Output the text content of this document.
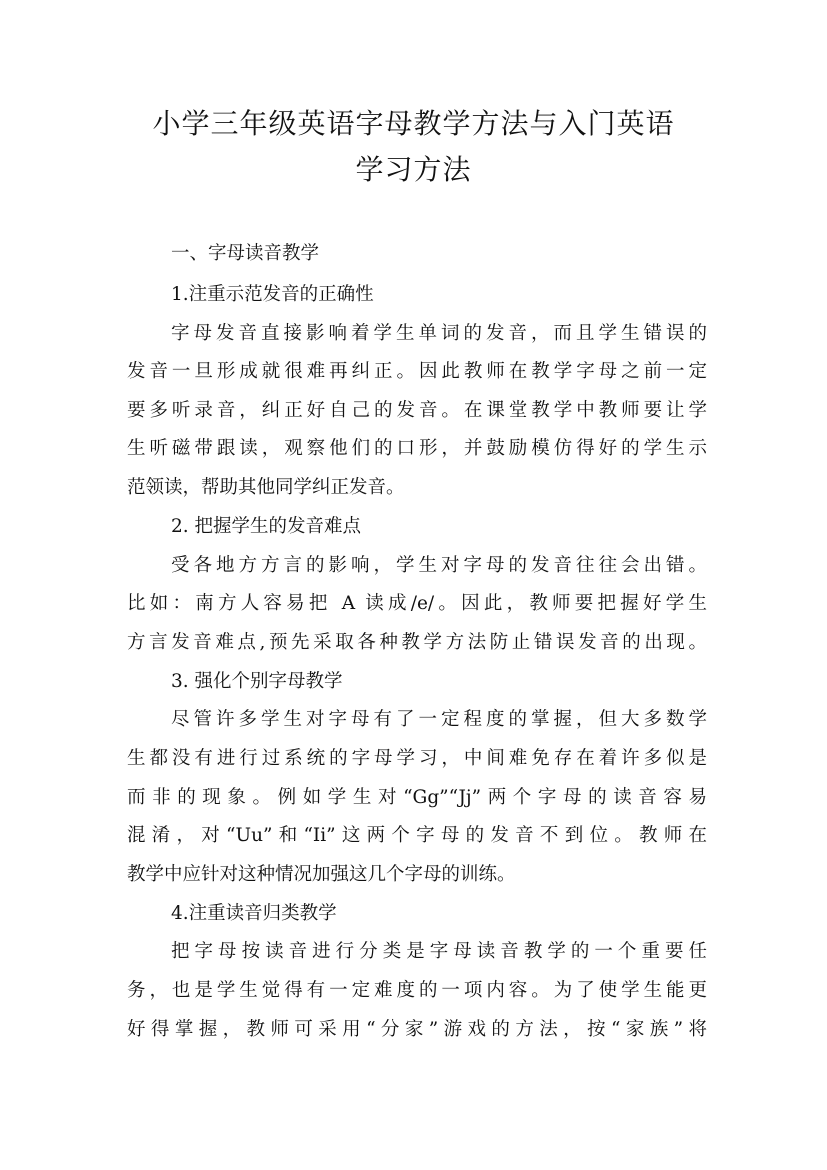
小学三年级英语字母教学方法与入门英语
学习方法

一、字母读音教学

1.注重示范发音的正确性

字母发音直接影响着学生单词的发音，而且学生错误的

发音一旦形成就很难再纠正。因此教师在教学字母之前一定

要多听录音，纠正好自己的发音。在课堂教学中教师要让学

生听磁带跟读，观察他们的口形，并鼓励模仿得好的学生示

范领读，帮助其他同学纠正发音。

2. 把握学生的发音难点

受各地方方言的影响，学生对字母的发音往往会出错。

比如：南方人容易把 A 读成/e/。因此，教师要把握好学生

方言发音难点,预先采取各种教学方法防止错误发音的出现。

3. 强化个别字母教学

尽管许多学生对字母有了一定程度的掌握，但大多数学

生都没有进行过系统的字母学习，中间难免存在着许多似是

而非的现象。例如学生对“Gg”“Jj”两个字母的读音容易

混淆，对“Uu”和“Ii”这两个字母的发音不到位。教师在

教学中应针对这种情况加强这几个字母的训练。

4.注重读音归类教学

把字母按读音进行分类是字母读音教学的一个重要任

务，也是学生觉得有一定难度的一项内容。为了使学生能更

好得掌握，教师可采用“分家”游戏的方法，按“家族”将
